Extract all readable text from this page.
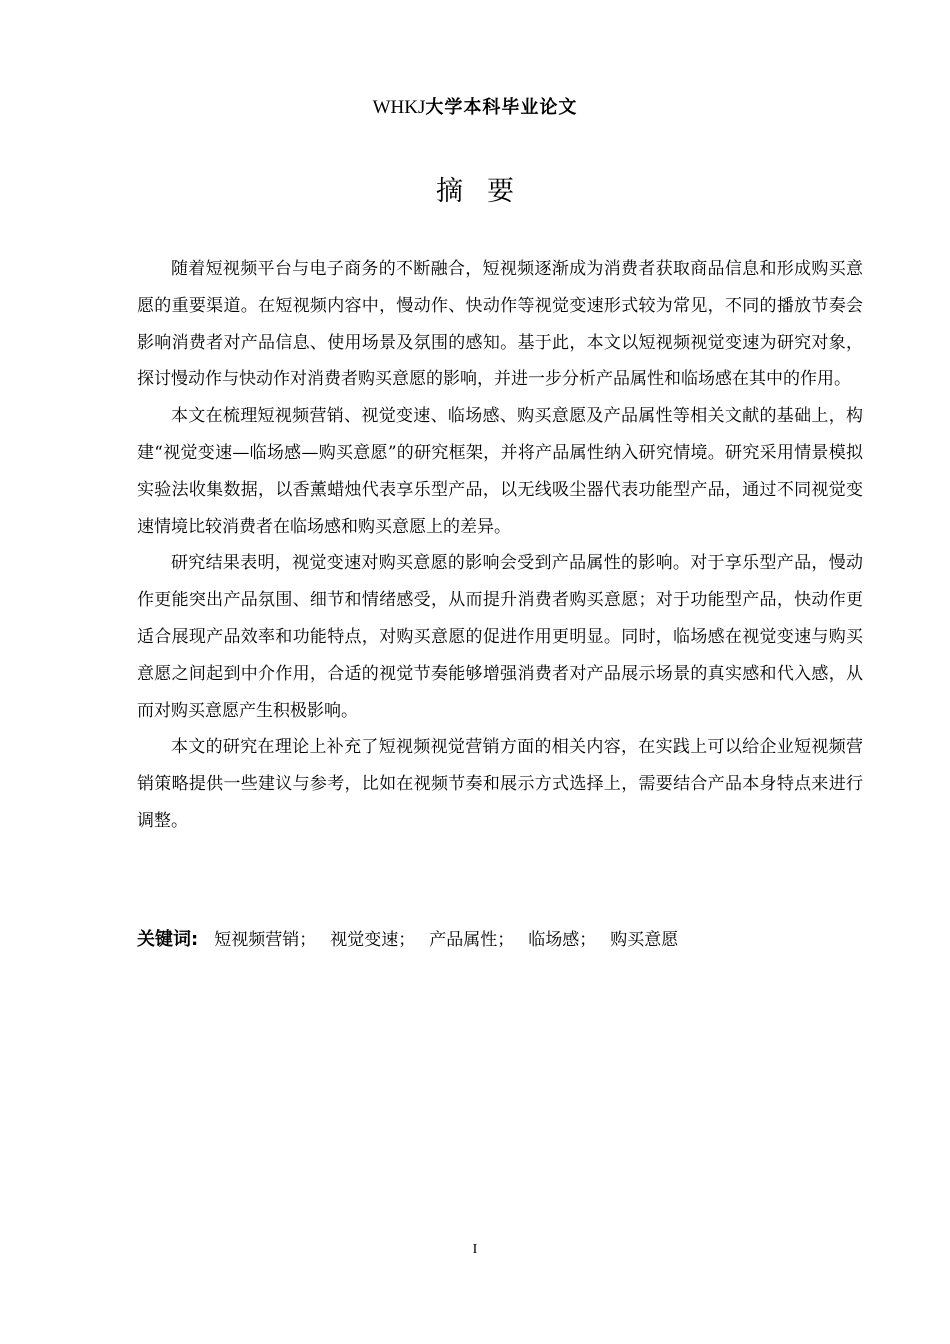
WHKJ大学本科毕业论文
摘要

随着短视频平台与电子商务的不断融合，短视频逐渐成为消费者获取商品信息和形成购买意愿的重要渠道。在短视频内容中，慢动作、快动作等视觉变速形式较为常见，不同的播放节奏会影响消费者对产品信息、使用场景及氛围的感知。基于此，本文以短视频视觉变速为研究对象，探讨慢动作与快动作对消费者购买意愿的影响，并进一步分析产品属性和临场感在其中的作用。

本文在梳理短视频营销、视觉变速、临场感、购买意愿及产品属性等相关文献的基础上，构建“视觉变速—临场感—购买意愿”的研究框架，并将产品属性纳入研究情境。研究采用情景模拟实验法收集数据，以香薰蜡烛代表享乐型产品，以无线吸尘器代表功能型产品，通过不同视觉变速情境比较消费者在临场感和购买意愿上的差异。

研究结果表明，视觉变速对购买意愿的影响会受到产品属性的影响。对于享乐型产品，慢动作更能突出产品氛围、细节和情绪感受，从而提升消费者购买意愿；对于功能型产品，快动作更适合展现产品效率和功能特点，对购买意愿的促进作用更明显。同时，临场感在视觉变速与购买意愿之间起到中介作用，合适的视觉节奏能够增强消费者对产品展示场景的真实感和代入感，从而对购买意愿产生积极影响。

本文的研究在理论上补充了短视频视觉营销方面的相关内容，在实践上可以给企业短视频营销策略提供一些建议与参考，比如在视频节奏和展示方式选择上，需要结合产品本身特点来进行调整。

关键词: 短视频营销； 视觉变速； 产品属性； 临场感； 购买意愿
I
